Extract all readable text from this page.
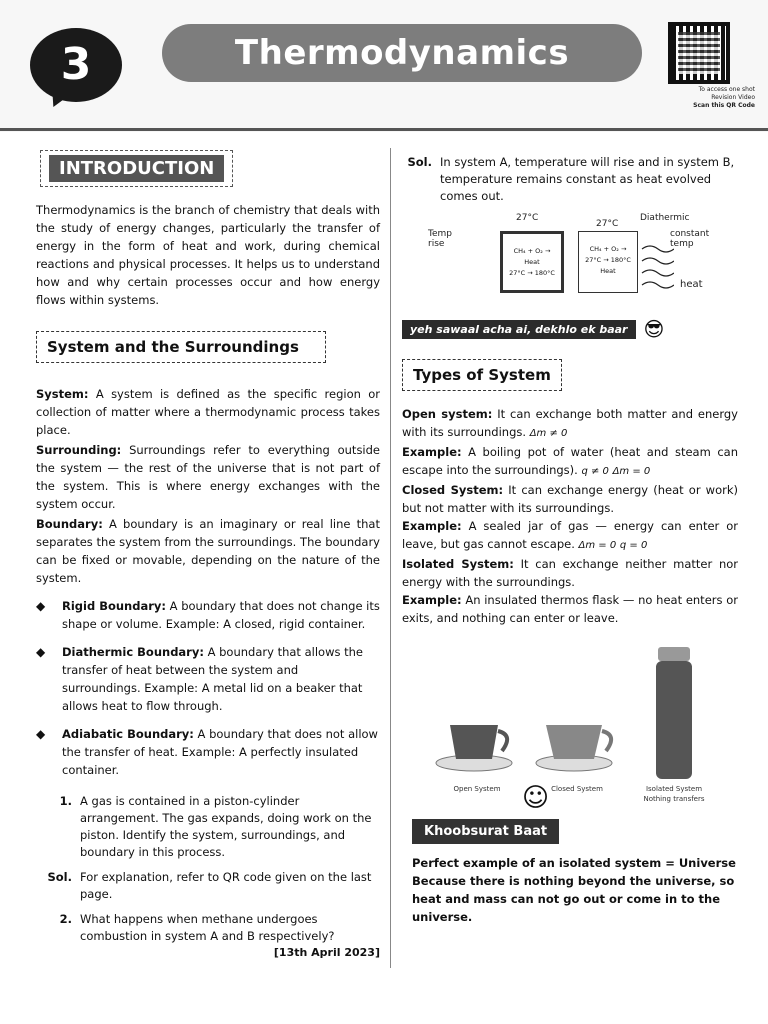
3	Thermodynamics
To access one shot
Revision Video
Scan this QR Code
INTRODUCTION

Thermodynamics is the branch of chemistry that deals with the study of energy changes, particularly the transfer of energy in the form of heat and work, during chemical reactions and physical processes. It helps us to understand how and why certain processes occur and how energy flows within systems.

System and the Surroundings

System: A system is defined as the specific region or collection of matter where a thermodynamic process takes place.

Surrounding: Surroundings refer to everything outside the system — the rest of the universe that is not part of the system. This is where energy exchanges with the system occur.

Boundary: A boundary is an imaginary or real line that separates the system from the surroundings. The boundary can be fixed or movable, depending on the nature of the system.

◆ Rigid Boundary: A boundary that does not change its shape or volume. Example: A closed, rigid container.

◆ Diathermic Boundary: A boundary that allows the transfer of heat between the system and surroundings. Example: A metal lid on a beaker that allows heat to flow through.

◆ Adiabatic Boundary: A boundary that does not allow the transfer of heat. Example: A perfectly insulated container.

1. A gas is contained in a piston-cylinder arrangement. The gas expands, doing work on the piston. Identify the system, surroundings, and boundary in this process.

Sol. For explanation, refer to QR code given on the last page.

2. What happens when methane undergoes combustion in system A and B respectively?

[13th April 2023]

Sol. In system A, temperature will rise and in system B, temperature remains constant as heat evolved comes out.

27°C
27°C
Diathermic
Temp rise
constant temp
CH₄ + O₂ →
Heat
27°C → 180°C
CH₄ + O₂ →
27°C → 180°C
Heat
heat
yeh sawaal acha ai, dekhlo ek baar 😎
Types of System

Open system: It can exchange both matter and energy with its surroundings. Δm ≠ 0

Example: A boiling pot of water (heat and steam can escape into the surroundings). q ≠ 0 Δm = 0

Closed System: It can exchange energy (heat or work) but not matter with its surroundings.

Example: A sealed jar of gas — energy can enter or leave, but gas cannot escape. Δm = 0 q = 0

Isolated System: It can exchange neither matter nor energy with the surroundings.

Example: An insulated thermos flask — no heat enters or exits, and nothing can enter or leave.

Open System	Closed System	Isolated System
Nothing transfers
☺
Khoobsurat Baat

Perfect example of an isolated system = Universe

Because there is nothing beyond the universe, so heat and mass can not go out or come in to the universe.
